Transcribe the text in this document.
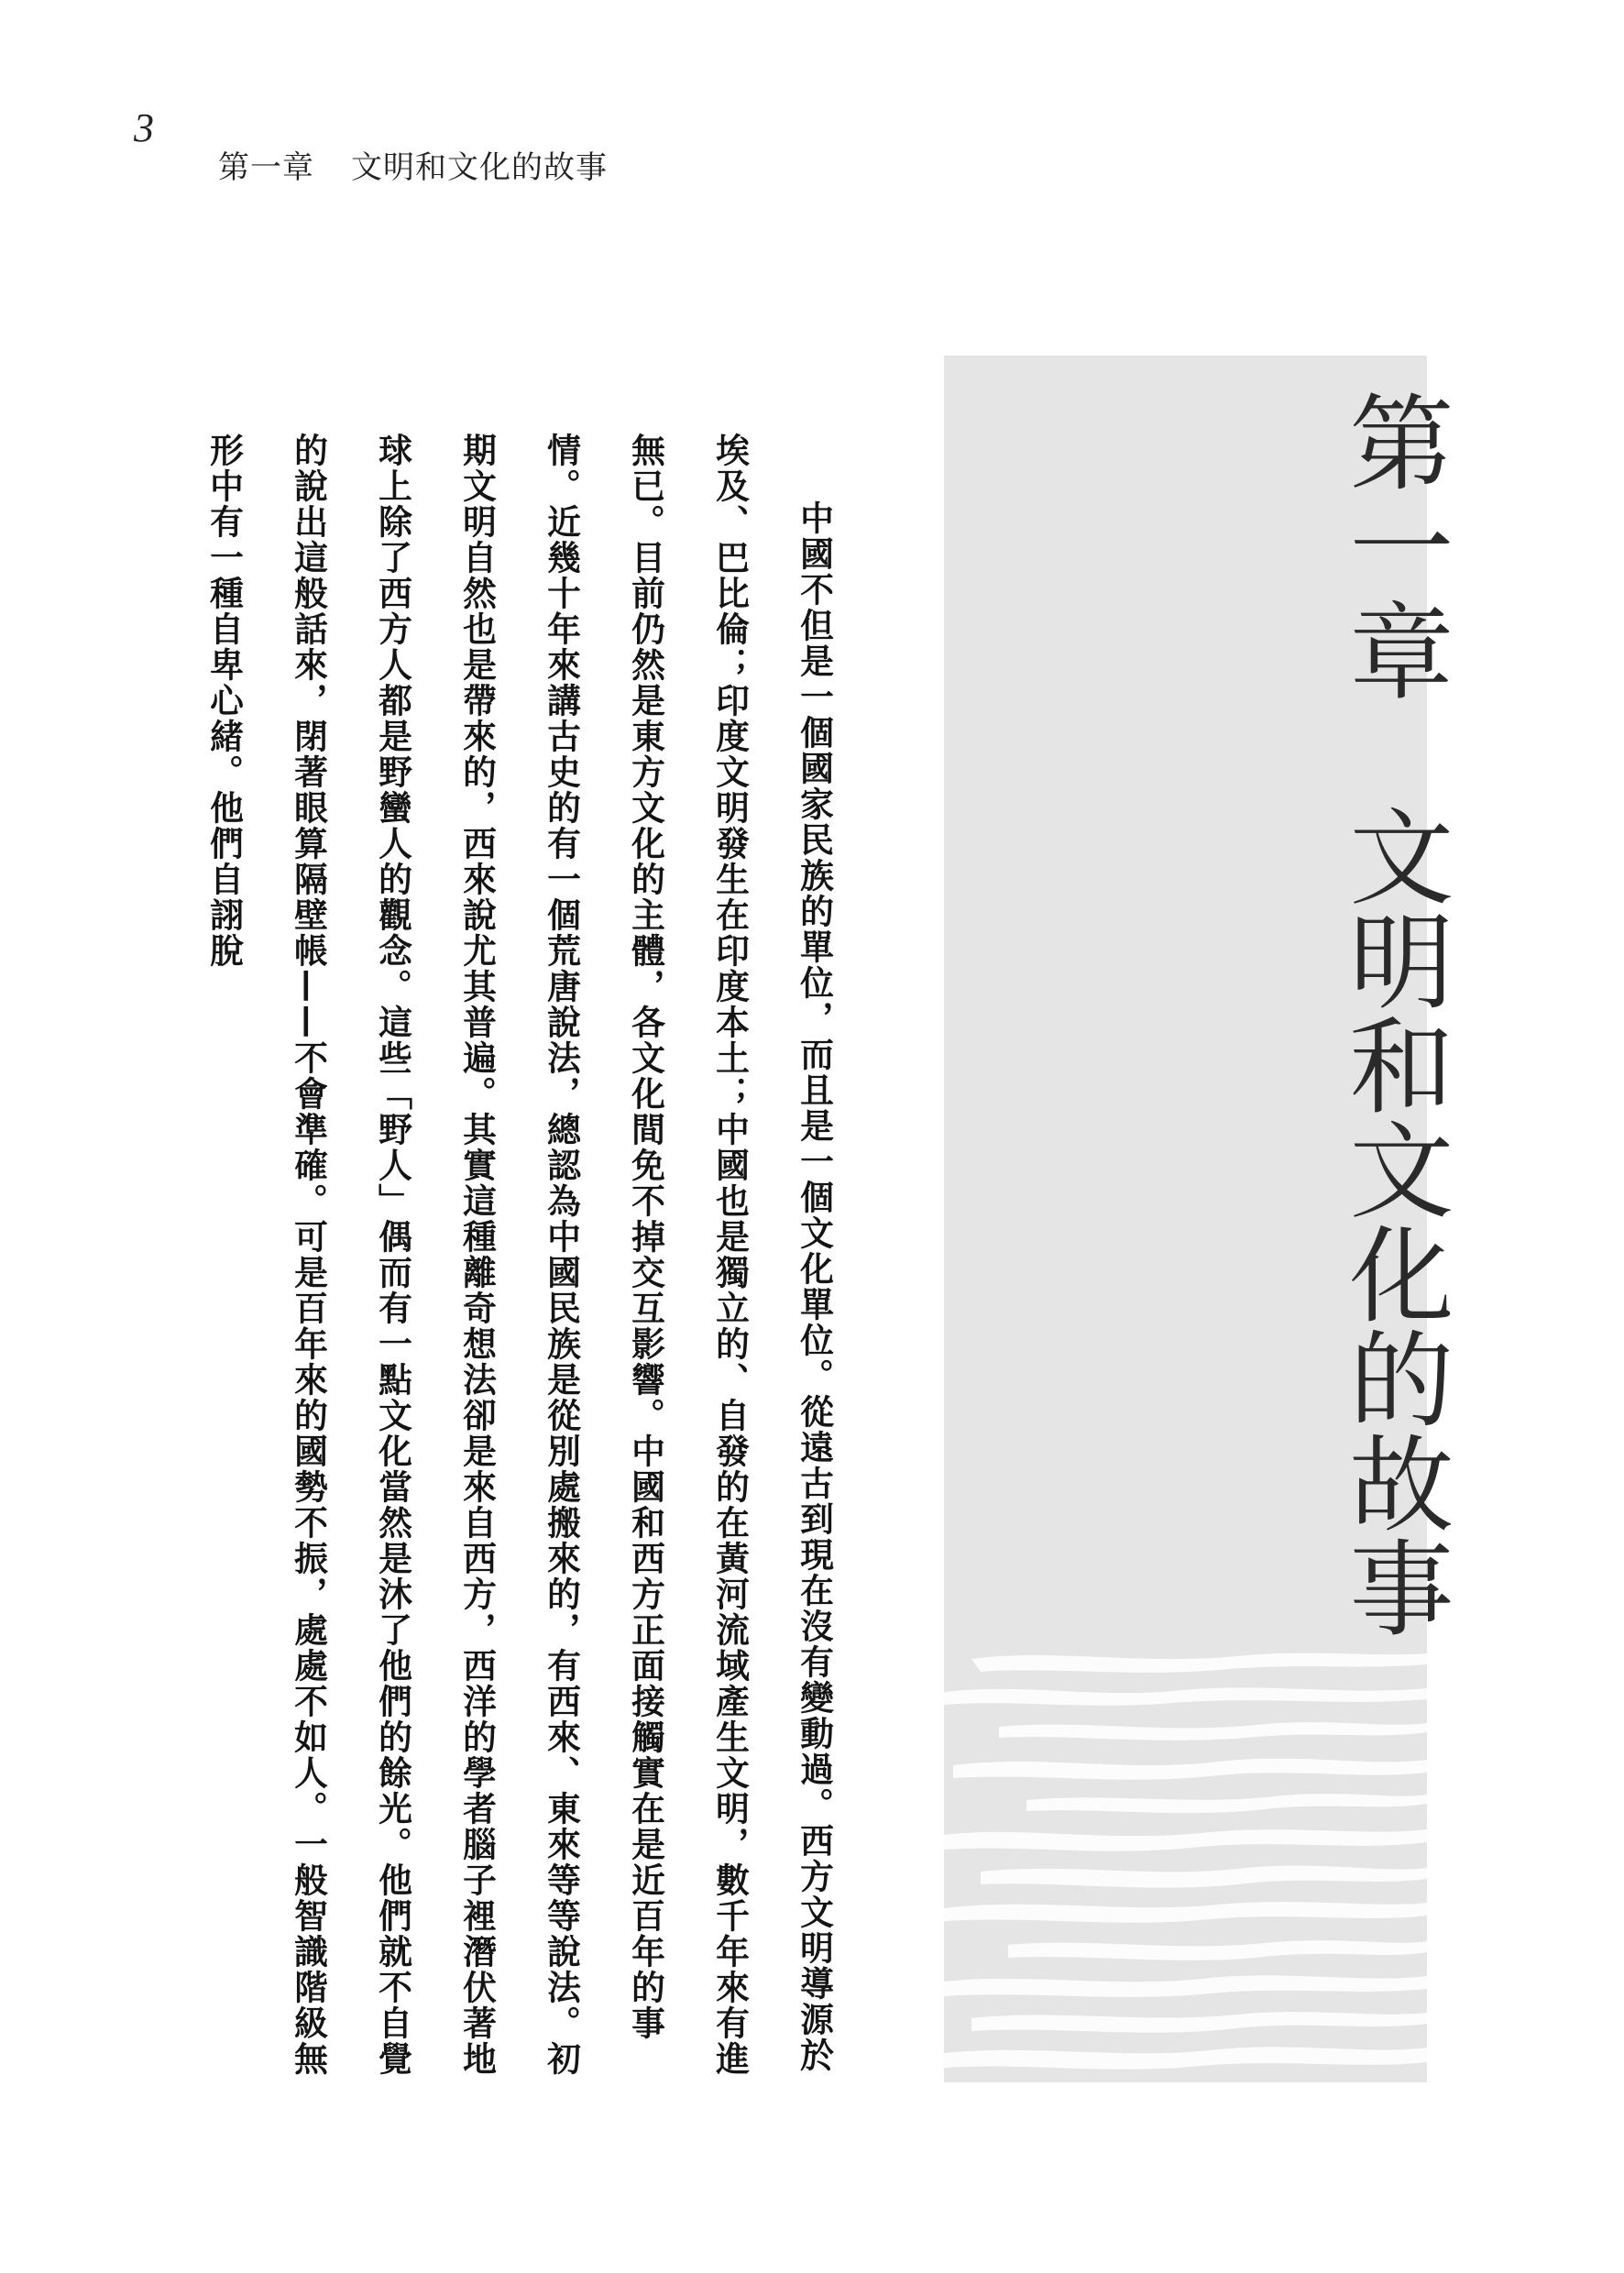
3
第一章 文明和文化的故事
第一章文明和文化的故事

中國不但是一個國家民族的單位，而且是一個文化單位。從遠古到現在沒有變動過。西方文明導源於埃及、巴比倫；印度文明發生在印度本土；中國也是獨立的、自發的在黃河流域產生文明，數千年來有進無已。目前仍然是東方文化的主體，各文化間免不掉交互影響。中國和西方正面接觸實在是近百年的事情。近幾十年來講古史的有一個荒唐說法，總認為中國民族是從別處搬來的，有西來、東來等等說法。初期文明自然也是帶來的，西來說尤其普遍。其實這種離奇想法卻是來自西方，西洋的學者腦子裡潛伏著地球上除了西方人都是野蠻人的觀念。這些「野人」偶而有一點文化當然是沐了他們的餘光。他們就不自覺的說出這般話來，閉著眼算隔壁帳——不會準確。可是百年來的國勢不振，處處不如人。一般智識階級無形中有一種自卑心緒。他們自詡脫
